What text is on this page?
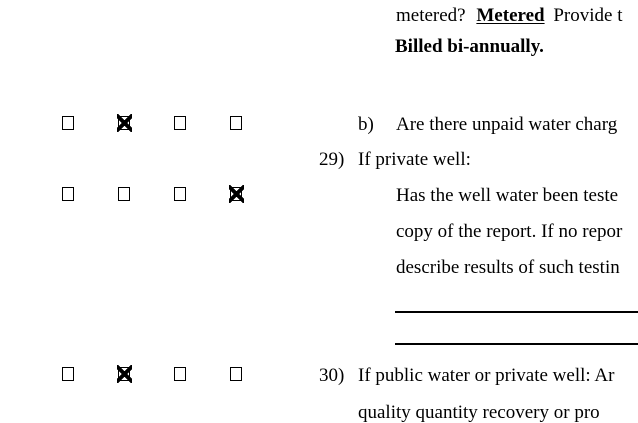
metered? Metered Provide t
Billed bi-annually.
b) Are there unpaid water charg
29) If private well:
Has the well water been teste
copy of the report. If no repor
describe results of such testin
30) If public water or private well: Ar
quality quantity recovery or pro
